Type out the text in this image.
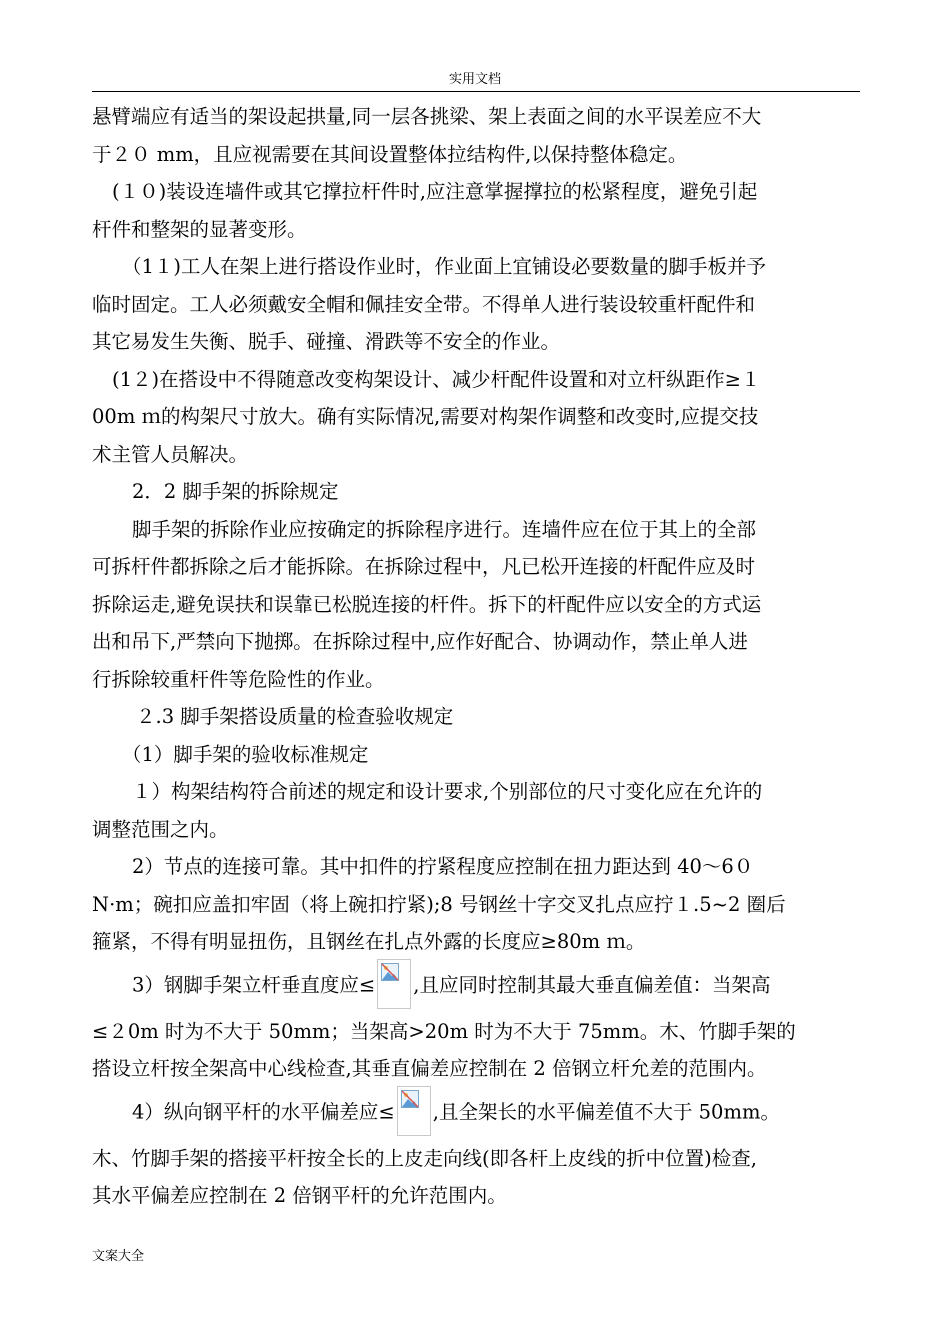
实用文档
悬臂端应有适当的架设起拱量,同一层各挑梁、架上表面之间的水平误差应不大
于２０ mm，且应视需要在其间设置整体拉结构件,以保持整体稳定。
(１０)装设连墙件或其它撑拉杆件时,应注意掌握撑拉的松紧程度，避免引起
杆件和整架的显著变形。
（1１)工人在架上进行搭设作业时，作业面上宜铺设必要数量的脚手板并予
临时固定。工人必须戴安全帽和佩挂安全带。不得单人进行装设较重杆配件和
其它易发生失衡、脱手、碰撞、滑跌等不安全的作业。
(1２)在搭设中不得随意改变构架设计、减少杆配件设置和对立杆纵距作≥１
00m ｍ的构架尺寸放大。确有实际情况,需要对构架作调整和改变时,应提交技
术主管人员解决。
2．2 脚手架的拆除规定
脚手架的拆除作业应按确定的拆除程序进行。连墙件应在位于其上的全部
可拆杆件都拆除之后才能拆除。在拆除过程中，凡已松开连接的杆配件应及时
拆除运走,避免误扶和误靠已松脱连接的杆件。拆下的杆配件应以安全的方式运
出和吊下,严禁向下抛掷。在拆除过程中,应作好配合、协调动作，禁止单人进
行拆除较重杆件等危险性的作业。
２.3 脚手架搭设质量的检查验收规定
（1）脚手架的验收标准规定
１）构架结构符合前述的规定和设计要求,个别部位的尺寸变化应在允许的
调整范围之内。
2）节点的连接可靠。其中扣件的拧紧程度应控制在扭力距达到 40～6０
N·m；碗扣应盖扣牢固（将上碗扣拧紧);8 号钢丝十字交叉扎点应拧１.5~2 圈后
箍紧，不得有明显扭伤，且钢丝在扎点外露的长度应≥80m ｍ。
3）钢脚手架立杆垂直度应≤ ,且应同时控制其最大垂直偏差值：当架高
≤２0m 时为不大于 50mm；当架高>20m 时为不大于 75mm。木、竹脚手架的
搭设立杆按全架高中心线检查,其垂直偏差应控制在 2 倍钢立杆允差的范围内。
4）纵向钢平杆的水平偏差应≤ ,且全架长的水平偏差值不大于 50mm。
木、竹脚手架的搭接平杆按全长的上皮走向线(即各杆上皮线的折中位置)检查,
其水平偏差应控制在 2 倍钢平杆的允许范围内。
文案大全
